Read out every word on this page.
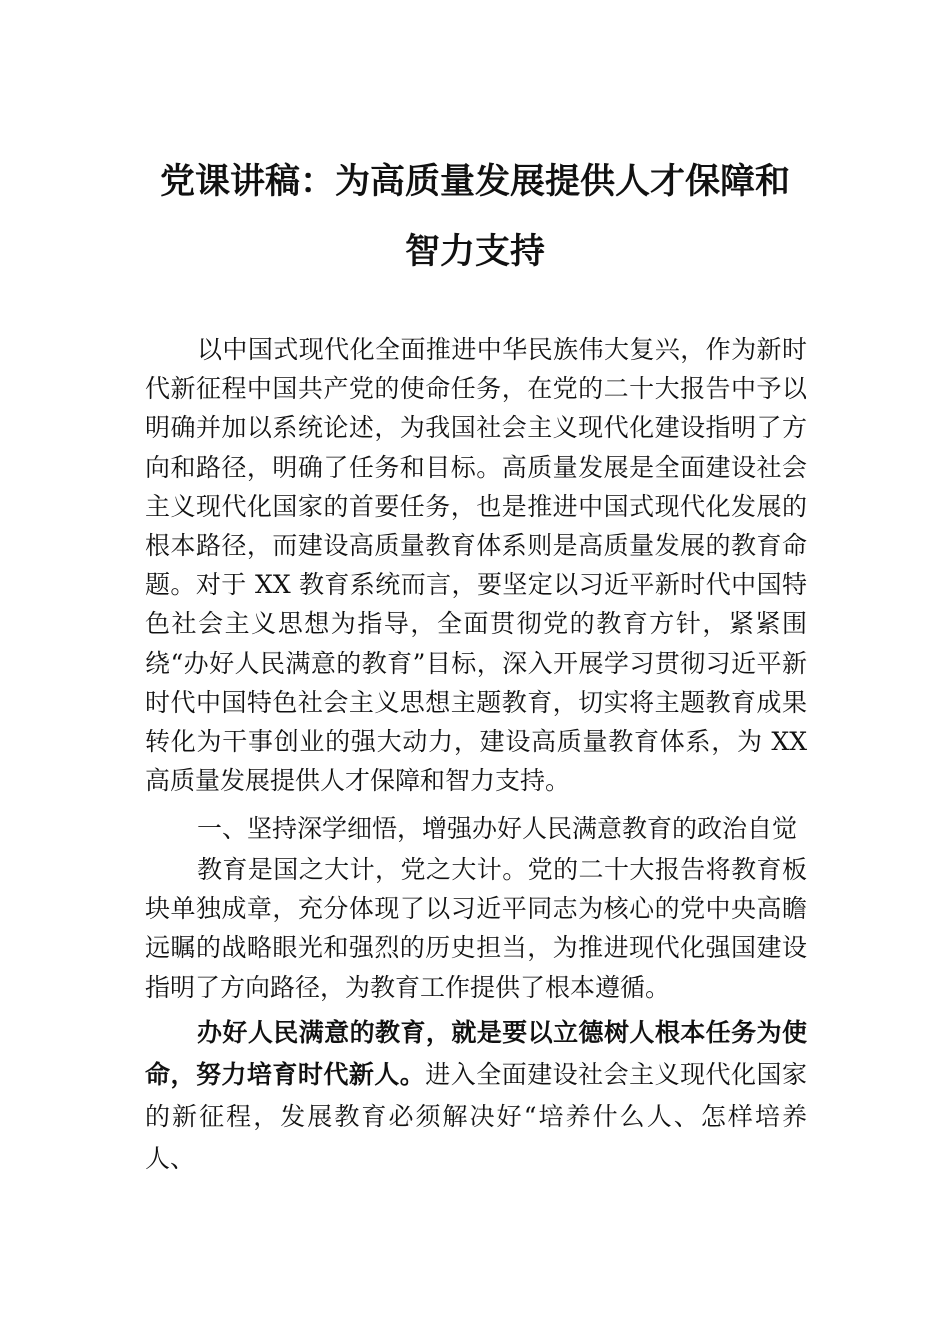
党课讲稿：为高质量发展提供人才保障和
智力支持

以中国式现代化全面推进中华民族伟大复兴，作为新时代新征程中国共产党的使命任务，在党的二十大报告中予以明确并加以系统论述，为我国社会主义现代化建设指明了方向和路径，明确了任务和目标。高质量发展是全面建设社会主义现代化国家的首要任务，也是推进中国式现代化发展的根本路径，而建设高质量教育体系则是高质量发展的教育命题。对于 XX 教育系统而言，要坚定以习近平新时代中国特色社会主义思想为指导，全面贯彻党的教育方针，紧紧围绕“办好人民满意的教育”目标，深入开展学习贯彻习近平新时代中国特色社会主义思想主题教育，切实将主题教育成果转化为干事创业的强大动力，建设高质量教育体系，为 XX 高质量发展提供人才保障和智力支持。

一、坚持深学细悟，增强办好人民满意教育的政治自觉

教育是国之大计，党之大计。党的二十大报告将教育板块单独成章，充分体现了以习近平同志为核心的党中央高瞻远瞩的战略眼光和强烈的历史担当，为推进现代化强国建设指明了方向路径，为教育工作提供了根本遵循。

办好人民满意的教育，就是要以立德树人根本任务为使命，努力培育时代新人。进入全面建设社会主义现代化国家的新征程，发展教育必须解决好“培养什么人、怎样培养人、
